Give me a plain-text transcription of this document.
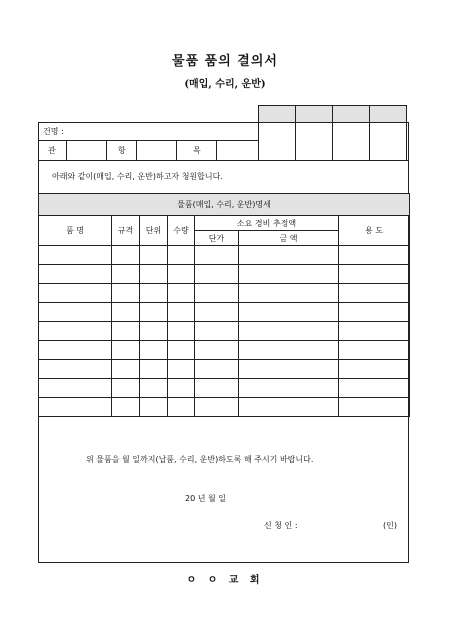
물품 품의 결의서
(매입, 수리, 운반)

건명 :
관	항	목
아래와 같이(매입, 수리, 운반)하고자 청원합니다.
물품(매입, 수리, 운반)명세						
품 명	규격	단위	수량	소요 경비 추정액		용 도
				단가	금 액	

위 물품을 월 일까지(납품, 수리, 운반)하도록 해 주시기 바랍니다.
20 년 월 일
신 청 인 :	(인)
ㅇ ㅇ 교 회
